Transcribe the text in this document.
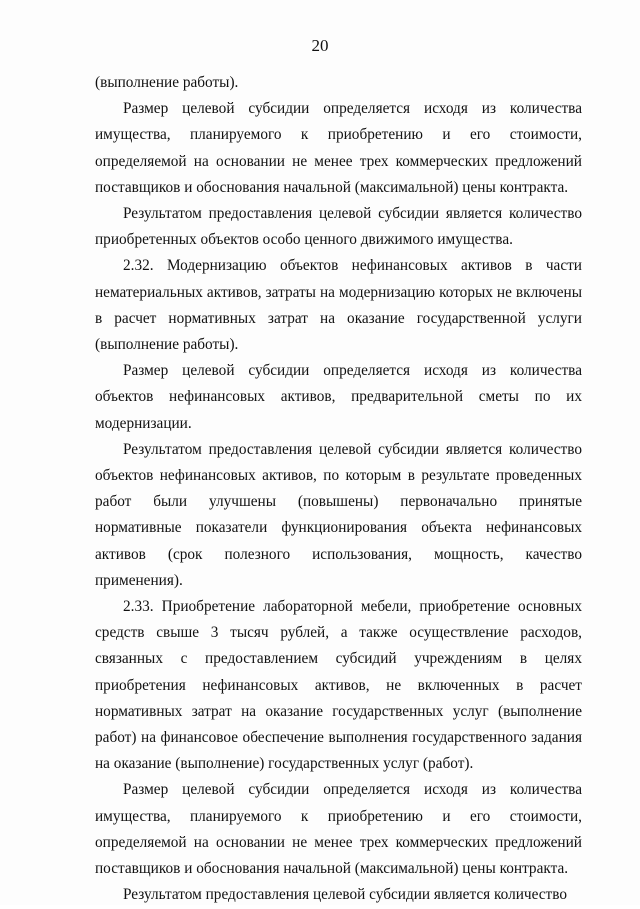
20

(выполнение работы).

Размер целевой субсидии определяется исходя из количества имущества, планируемого к приобретению и его стоимости, определяемой на основании не менее трех коммерческих предложений поставщиков и обоснования начальной (максимальной) цены контракта.

Результатом предоставления целевой субсидии является количество приобретенных объектов особо ценного движимого имущества.

2.32. Модернизацию объектов нефинансовых активов в части нематериальных активов, затраты на модернизацию которых не включены в расчет нормативных затрат на оказание государственной услуги (выполнение работы).

Размер целевой субсидии определяется исходя из количества объектов нефинансовых активов, предварительной сметы по их модернизации.

Результатом предоставления целевой субсидии является количество объектов нефинансовых активов, по которым в результате проведенных работ были улучшены (повышены) первоначально принятые нормативные показатели функционирования объекта нефинансовых активов (срок полезного использования, мощность, качество применения).

2.33. Приобретение лабораторной мебели, приобретение основных средств свыше 3 тысяч рублей, а также осуществление расходов, связанных с предоставлением субсидий учреждениям в целях приобретения нефинансовых активов, не включенных в расчет нормативных затрат на оказание государственных услуг (выполнение работ) на финансовое обеспечение выполнения государственного задания на оказание (выполнение) государственных услуг (работ).

Размер целевой субсидии определяется исходя из количества имущества, планируемого к приобретению и его стоимости, определяемой на основании не менее трех коммерческих предложений поставщиков и обоснования начальной (максимальной) цены контракта.

Результатом предоставления целевой субсидии является количество
